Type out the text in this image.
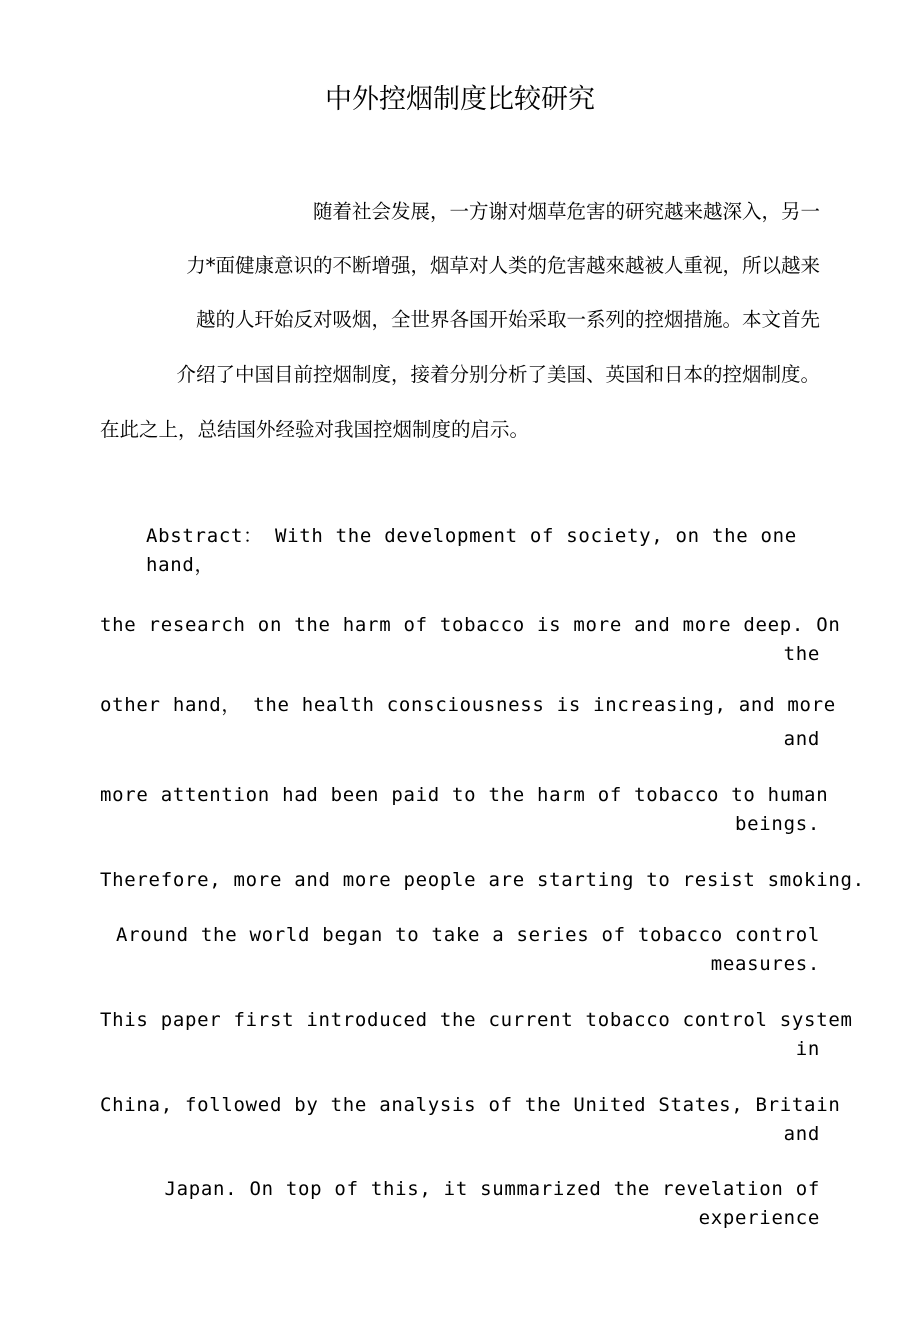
中外控烟制度比较研究
随着社会发展，一方谢对烟草危害的研究越来越深入，另一
力*面健康意识的不断增强，烟草对人类的危害越來越被人重视，所以越来
越的人玕始反对吸烟，全世界各国开始采取一系列的控烟措施。本文首先
介绍了中国目前控烟制度，接着分别分析了美国、英国和日本的控烟制度。
在此之上，总结国外经验对我国控烟制度的启示。
Abstract： With the development of society, on the one
hand，
the research on the harm of tobacco is more and more deep. On
the
other hand， the health consciousness is increasing, and more
and
more attention had been paid to the harm of tobacco to human
beings.
Therefore, more and more people are starting to resist smoking.
Around the world began to take a series of tobacco control
measures.
This paper first introduced the current tobacco control system
in
China, followed by the analysis of the United States, Britain
and
Japan. On top of this, it summarized the revelation of
experience
